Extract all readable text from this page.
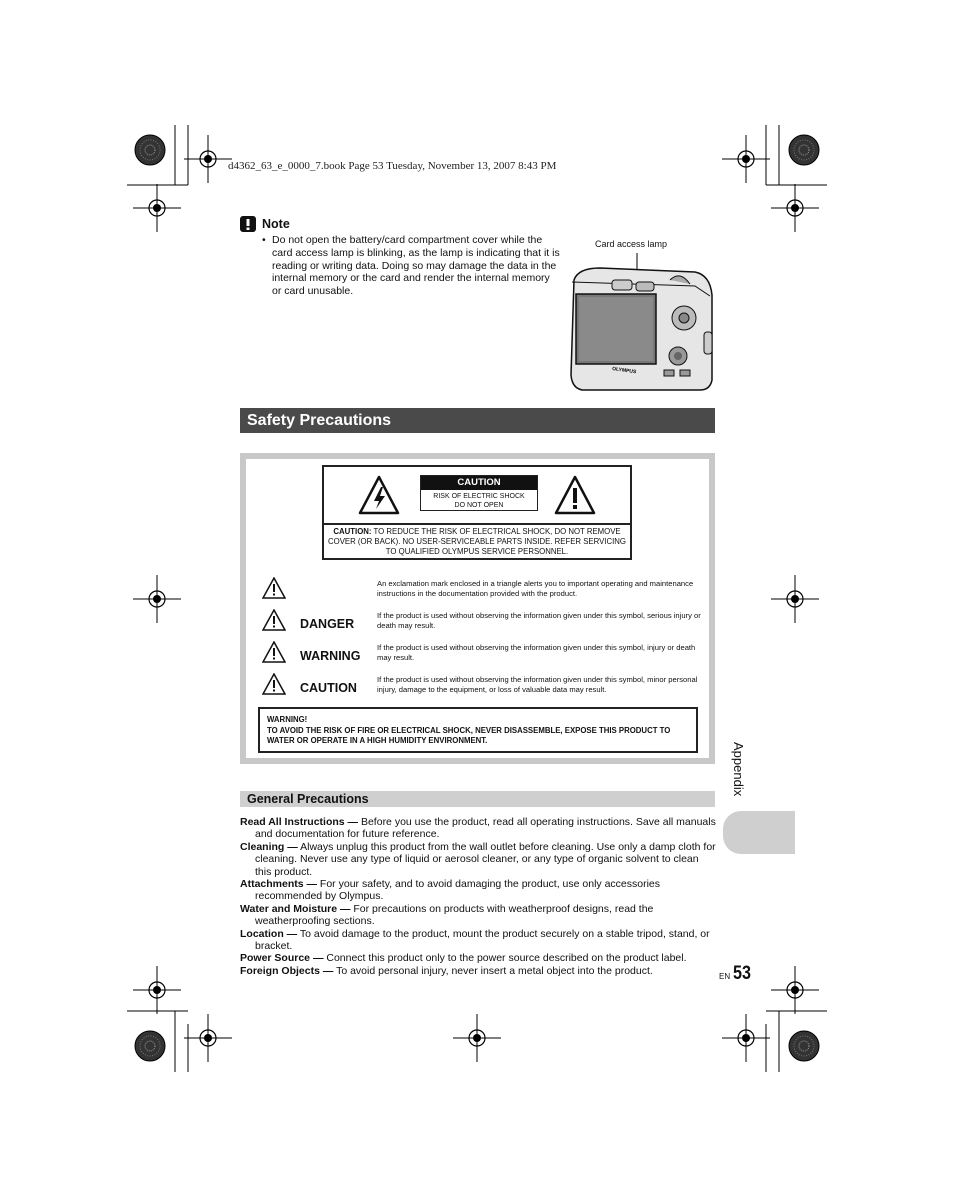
d4362_63_e_0000_7.book Page 53 Tuesday, November 13, 2007 8:43 PM
Note
• Do not open the battery/card compartment cover while the card access lamp is blinking, as the lamp is indicating that it is reading or writing data. Doing so may damage the data in the internal memory or the card and render the internal memory or card unusable.
Card access lamp
OLYMPUS
Safety Precautions
CAUTION
RISK OF ELECTRIC SHOCK
DO NOT OPEN
CAUTION: TO REDUCE THE RISK OF ELECTRICAL SHOCK, DO NOT REMOVE COVER (OR BACK). NO USER-SERVICEABLE PARTS INSIDE. REFER SERVICING TO QUALIFIED OLYMPUS SERVICE PERSONNEL.
An exclamation mark enclosed in a triangle alerts you to important operating and maintenance instructions in the documentation provided with the product.
DANGER
If the product is used without observing the information given under this symbol, serious injury or death may result.
WARNING
If the product is used without observing the information given under this symbol, injury or death may result.
CAUTION
If the product is used without observing the information given under this symbol, minor personal injury, damage to the equipment, or loss of valuable data may result.
WARNING!
TO AVOID THE RISK OF FIRE OR ELECTRICAL SHOCK, NEVER DISASSEMBLE, EXPOSE THIS PRODUCT TO WATER OR OPERATE IN A HIGH HUMIDITY ENVIRONMENT.
General Precautions

Read All Instructions — Before you use the product, read all operating instructions. Save all manuals and documentation for future reference.

Cleaning — Always unplug this product from the wall outlet before cleaning. Use only a damp cloth for cleaning. Never use any type of liquid or aerosol cleaner, or any type of organic solvent to clean this product.

Attachments — For your safety, and to avoid damaging the product, use only accessories recommended by Olympus.

Water and Moisture — For precautions on products with weatherproof designs, read the weatherproofing sections.

Location — To avoid damage to the product, mount the product securely on a stable tripod, stand, or bracket.

Power Source — Connect this product only to the power source described on the product label.

Foreign Objects — To avoid personal injury, never insert a metal object into the product.

Appendix
EN 53
